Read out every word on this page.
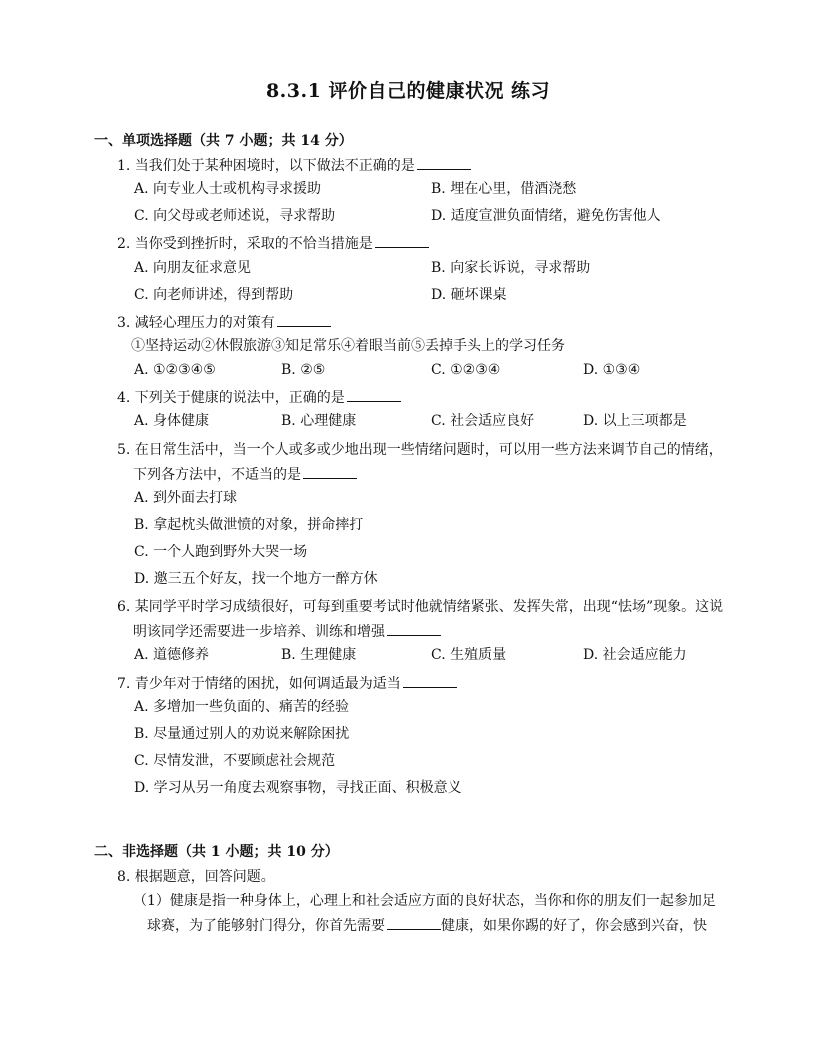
8.3.1 评价自己的健康状况 练习
一、单项选择题（共 7 小题；共 14 分）
1. 当我们处于某种困境时，以下做法不正确的是
A. 向专业人士或机构寻求援助	B. 埋在心里，借酒浇愁
C. 向父母或老师述说，寻求帮助	D. 适度宣泄负面情绪，避免伤害他人
2. 当你受到挫折时，采取的不恰当措施是
A. 向朋友征求意见	B. 向家长诉说，寻求帮助
C. 向老师讲述，得到帮助	D. 砸坏课桌
3. 减轻心理压力的对策有
①坚持运动②休假旅游③知足常乐④着眼当前⑤丢掉手头上的学习任务
A. ①②③④⑤	B. ②⑤	C. ①②③④	D. ①③④
4. 下列关于健康的说法中，正确的是
A. 身体健康	B. 心理健康	C. 社会适应良好	D. 以上三项都是
5. 在日常生活中，当一个人或多或少地出现一些情绪问题时，可以用一些方法来调节自己的情绪，
下列各方法中，不适当的是
A. 到外面去打球
B. 拿起枕头做泄愤的对象，拼命摔打
C. 一个人跑到野外大哭一场
D. 邀三五个好友，找一个地方一醉方休
6. 某同学平时学习成绩很好，可每到重要考试时他就情绪紧张、发挥失常，出现“怯场”现象。这说
明该同学还需要进一步培养、训练和增强
A. 道德修养	B. 生理健康	C. 生殖质量	D. 社会适应能力
7. 青少年对于情绪的困扰，如何调适最为适当
A. 多增加一些负面的、痛苦的经验
B. 尽量通过别人的劝说来解除困扰
C. 尽情发泄，不要顾虑社会规范
D. 学习从另一角度去观察事物，寻找正面、积极意义
二、非选择题（共 1 小题；共 10 分）
8. 根据题意，回答问题。
（1）健康是指一种身体上，心理上和社会适应方面的良好状态，当你和你的朋友们一起参加足
球赛，为了能够射门得分，你首先需要	健康，如果你踢的好了，你会感到兴奋，快
